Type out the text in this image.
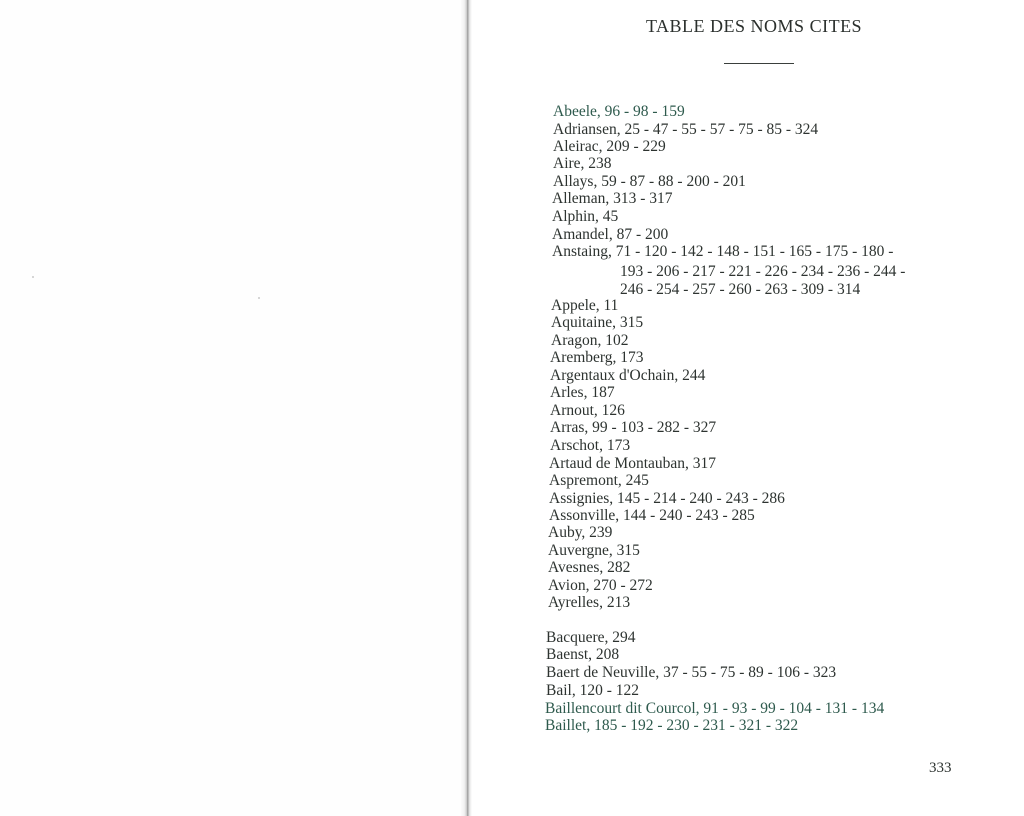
TABLE DES NOMS CITES
Abeele, 96 - 98 - 159
Adriansen, 25 - 47 - 55 - 57 - 75 - 85 - 324
Aleirac, 209 - 229
Aire, 238
Allays, 59 - 87 - 88 - 200 - 201
Alleman, 313 - 317
Alphin, 45
Amandel, 87 - 200
Anstaing, 71 - 120 - 142 - 148 - 151 - 165 - 175 - 180 -
193 - 206 - 217 - 221 - 226 - 234 - 236 - 244 -
246 - 254 - 257 - 260 - 263 - 309 - 314
Appele, 11
Aquitaine, 315
Aragon, 102
Aremberg, 173
Argentaux d'Ochain, 244
Arles, 187
Arnout, 126
Arras, 99 - 103 - 282 - 327
Arschot, 173
Artaud de Montauban, 317
Aspremont, 245
Assignies, 145 - 214 - 240 - 243 - 286
Assonville, 144 - 240 - 243 - 285
Auby, 239
Auvergne, 315
Avesnes, 282
Avion, 270 - 272
Ayrelles, 213
Bacquere, 294
Baenst, 208
Baert de Neuville, 37 - 55 - 75 - 89 - 106 - 323
Bail, 120 - 122
Baillencourt dit Courcol, 91 - 93 - 99 - 104 - 131 - 134
Baillet, 185 - 192 - 230 - 231 - 321 - 322
333
